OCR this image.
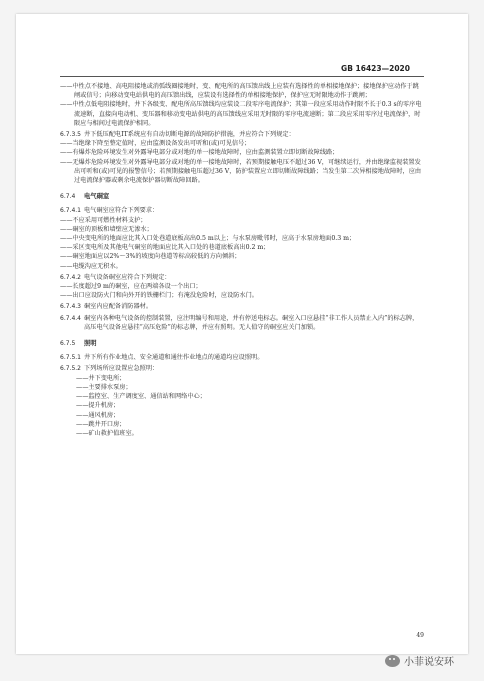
GB 16423—2020

——中性点不接地、高电阻接地或消弧线圈接地时，变、配电所的高压馈出线上应装有选择性的单相接地保护；接地保护应动作于跳闸或信号；向移动变电站供电的高压馈出线，应装设有选择性的单相接地保护，保护应无时限地动作于跳闸；

——中性点低电阻接地时，井下各级变、配电所高压馈线均应装设二段零序电流保护；其第一段应采用动作时限不长于0.3 s的零序电流速断，直接向电动机、变压器和移动变电站供电的高压馈线应采用无时限的零序电流速断；第二段应采用零序过电流保护，时限应与相间过电流保护相同。

6.7.3.5 井下低压配电IT系统应有自动切断电源的故障防护措施，并应符合下列规定：

——当绝缘下降至整定值时，应由监测设备发出可听和(或)可见信号；

——有爆炸危险环境发生对外露导电部分或对地的单一接地故障时，应由监测装置立即切断故障线路；

——无爆炸危险环境发生对外露导电部分或对地的单一接地故障时，若预期接触电压不超过36 V，可继续运行，并由绝缘监视装置发出可听和(或)可见的报警信号；若预期接触电压超过36 V，防护装置应立即切断故障线路；当发生第二次异相接地故障时，应由过电流保护器或剩余电流保护器切断故障回路。

6.7.4	电气硐室
6.7.4.1 电气硐室应符合下列要求：

——不应采用可燃性材料支护；

——硐室的顶板和墙壁应无渗水；

——中央变电所的地面应比其入口处巷道底板高出0.5 m以上；与水泵房毗邻时，应高于水泵房地面0.3 m；

——采区变电所及其他电气硐室的地面应比其入口处的巷道底板高出0.2 m；

——硐室地面应以2%～3%的坡度向巷道等标高较低的方向倾斜；

——电缆沟应无积水。

6.7.4.2 电气设备硐室应符合下列规定：

——长度超过9 m的硐室，应在两端各设一个出口；

——出口应设防火门和向外开的铁栅栏门；有淹没危险时，应设防水门。

6.7.4.3 硐室内应配备消防器材。
6.7.4.4 硐室内各种电气设备的控制装置，应注明编号和用途，并有停送电标志。硐室入口应悬挂“非工作人员禁止入内”的标志牌，高压电气设备应悬挂“高压危险”的标志牌，并应有照明。无人值守的硐室应关门加锁。
6.7.5	照明
6.7.5.1 井下所有作业地点、安全通道和通往作业地点的通道均应设照明。
6.7.5.2 下列场所应设置应急照明：

——井下变电所；

——主要排水泵房；

——监控室、生产调度室、通信站和网络中心；

——提升机房；

——通风机房；

——跳井开口房；

——矿山救护值班室。

49
小菲说安环
